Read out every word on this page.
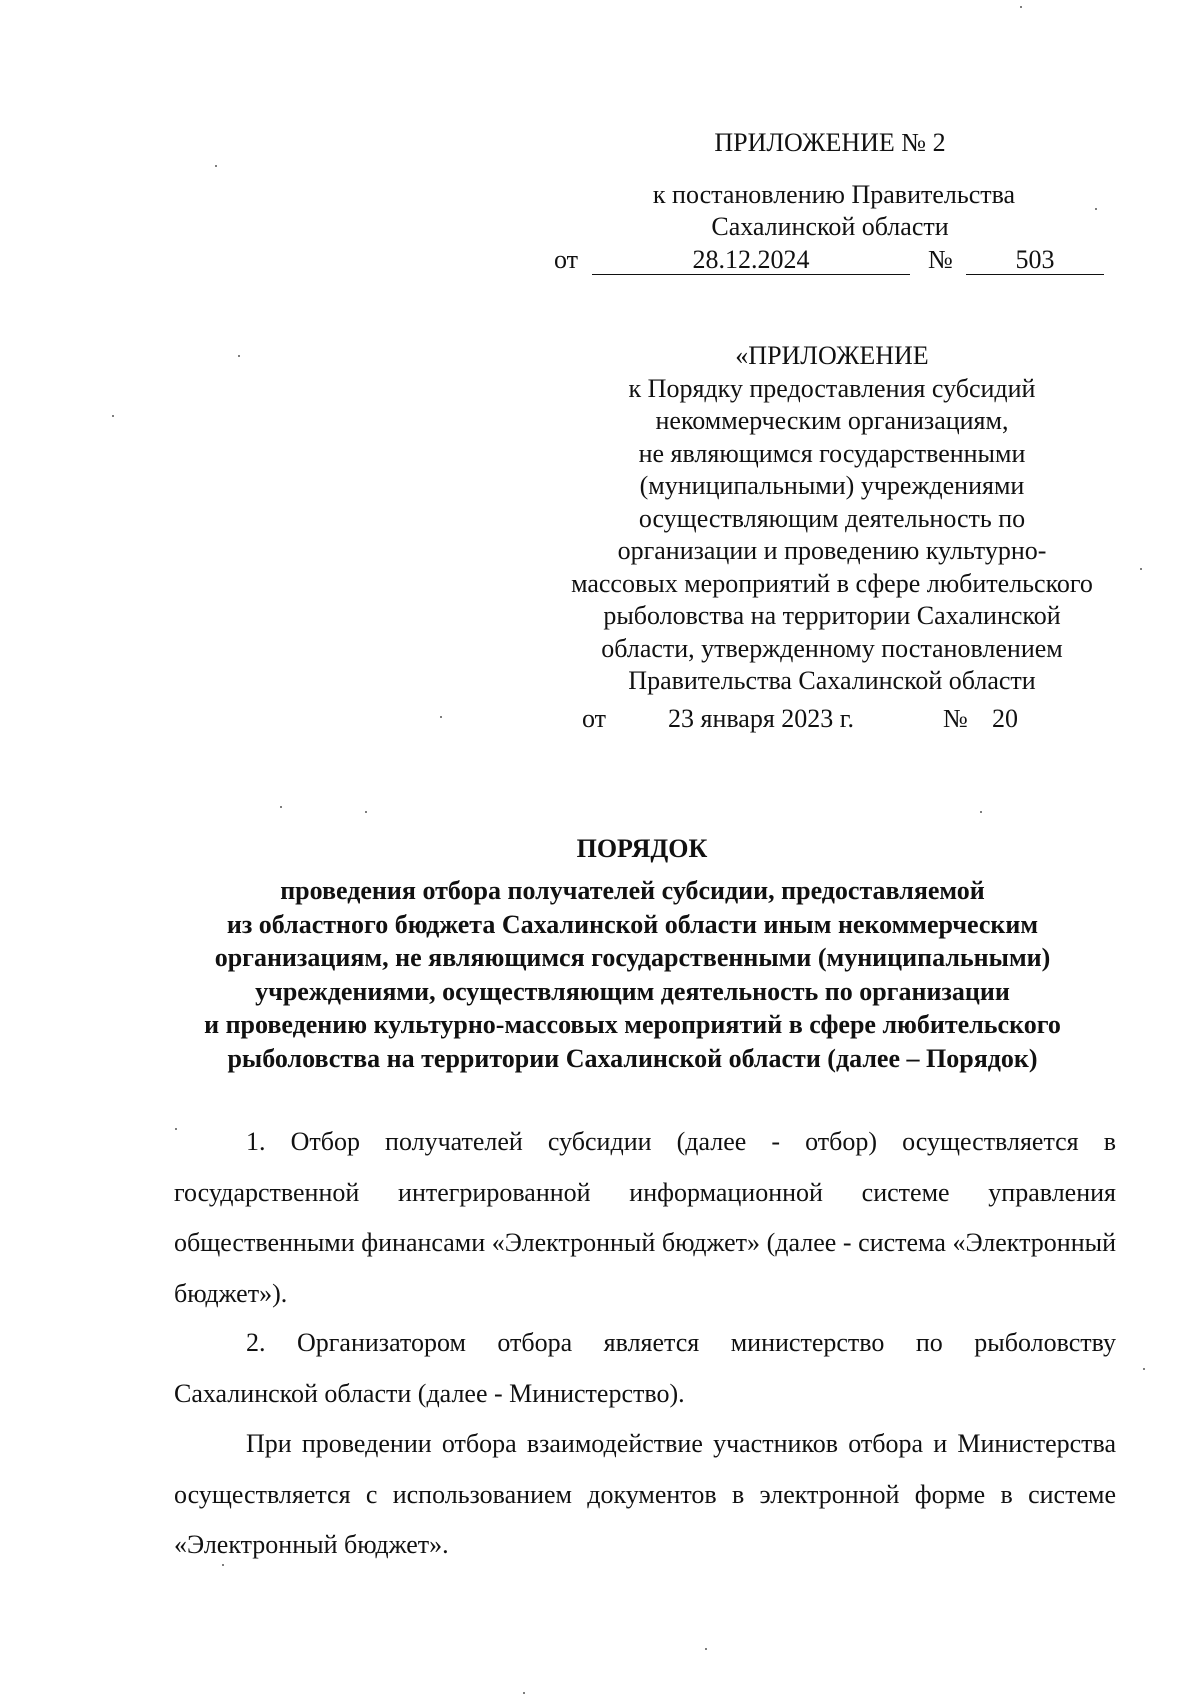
ПРИЛОЖЕНИЕ № 2
к постановлению Правительства
Сахалинской области
от	28.12.2024	№	503
«ПРИЛОЖЕНИЕ
к Порядку предоставления субсидий
некоммерческим организациям,
не являющимся государственными
(муниципальными) учреждениями
осуществляющим деятельность по
организации и проведению культурно-
массовых мероприятий в сфере любительского
рыболовства на территории Сахалинской
области, утвержденному постановлением
Правительства Сахалинской области
от 23 января 2023 г.	№ 20
ПОРЯДОК
проведения отбора получателей субсидии, предоставляемой
из областного бюджета Сахалинской области иным некоммерческим
организациям, не являющимся государственными (муниципальными)
учреждениями, осуществляющим деятельность по организации
и проведению культурно-массовых мероприятий в сфере любительского
рыболовства на территории Сахалинской области (далее – Порядок)
1. Отбор получателей субсидии (далее - отбор) осуществляется в государственной интегрированной информационной системе управления общественными финансами «Электронный бюджет» (далее - система «Электронный бюджет»).
2. Организатором отбора является министерство по рыболовству Сахалинской области (далее - Министерство).
При проведении отбора взаимодействие участников отбора и Министерства осуществляется с использованием документов в электронной форме в системе «Электронный бюджет».
